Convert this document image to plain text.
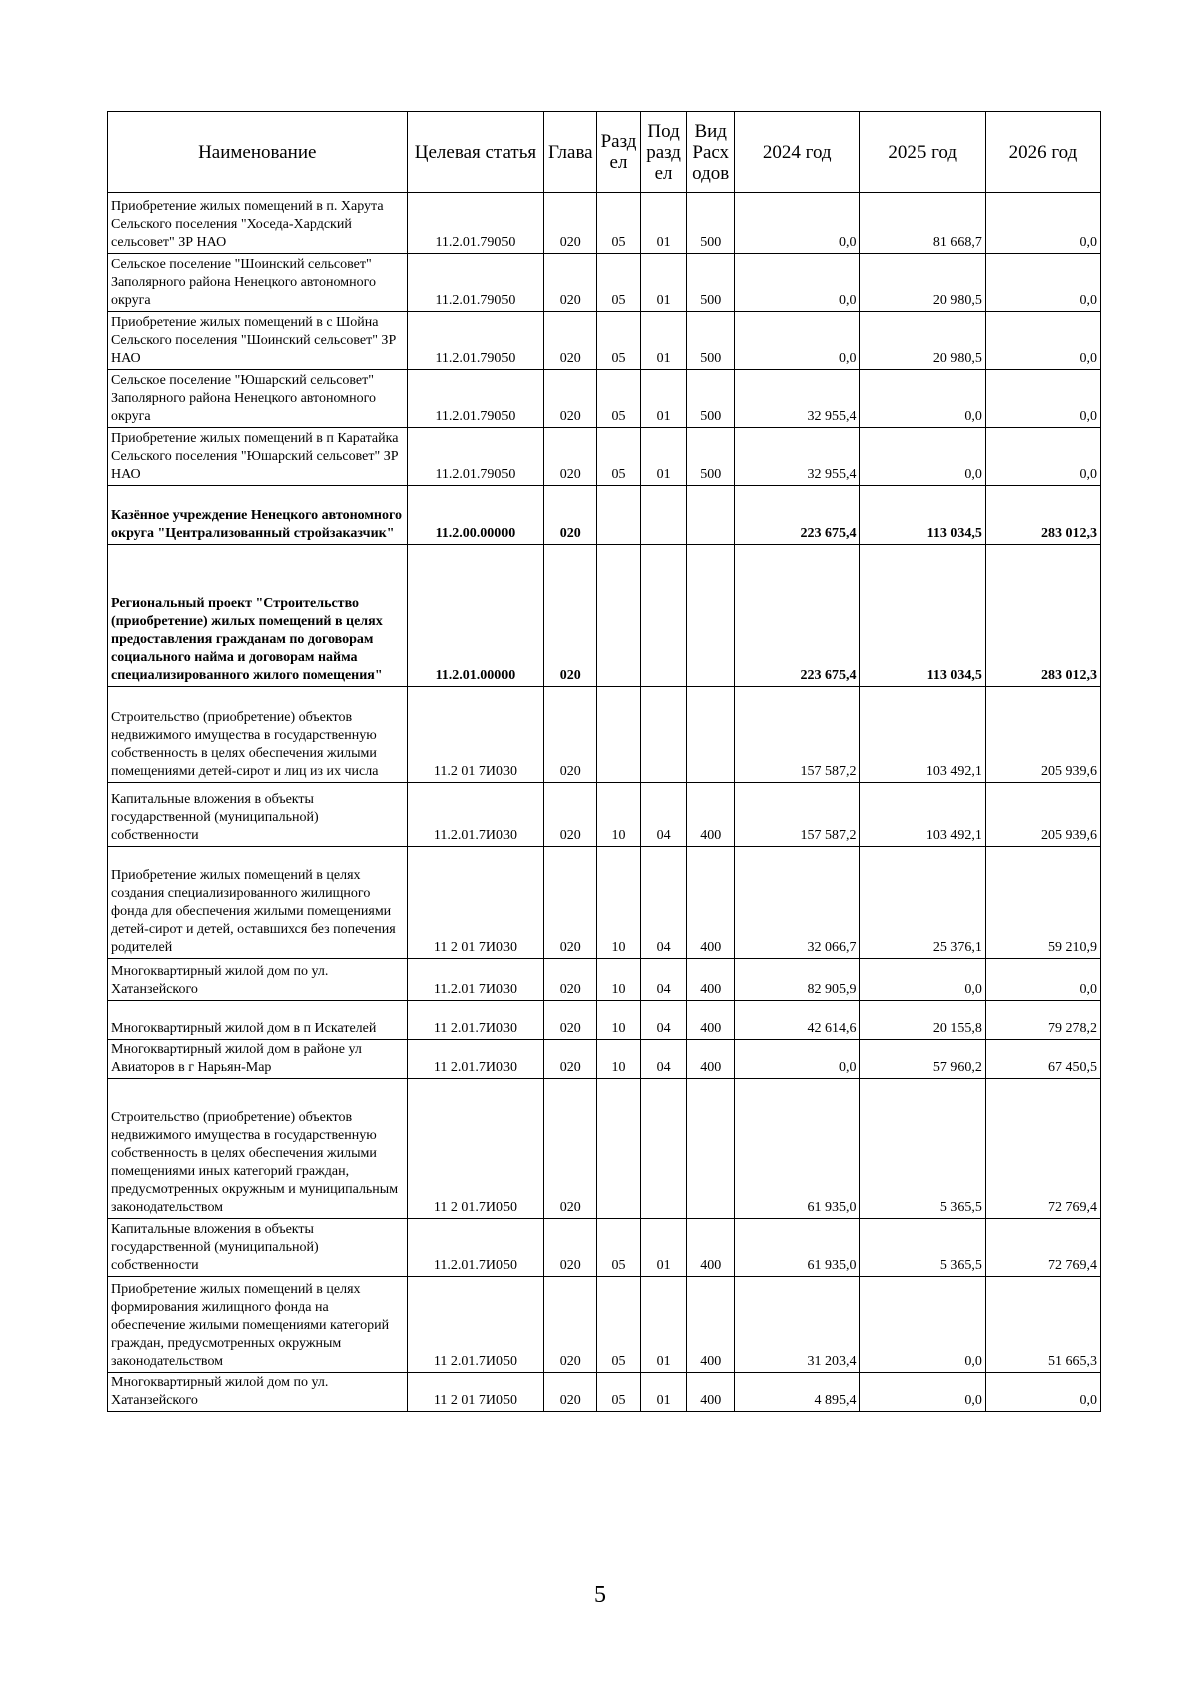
Наименование	Целевая статья	Глава	Раздел	Подраздел	Вид Расходов	2024 год	2025 год	2026 год
Приобретение жилых помещений в п. Харута Сельского поселения "Хоседа-Хардский сельсовет" ЗР НАО	11.2.01.79050	020	05	01	500	0,0	81 668,7	0,0
Сельское поселение "Шоинский сельсовет" Заполярного района Ненецкого автономного округа	11.2.01.79050	020	05	01	500	0,0	20 980,5	0,0
Приобретение жилых помещений в с Шойна Сельского поселения "Шоинский сельсовет" ЗР НАО	11.2.01.79050	020	05	01	500	0,0	20 980,5	0,0
Сельское поселение "Юшарский сельсовет" Заполярного района Ненецкого автономного округа	11.2.01.79050	020	05	01	500	32 955,4	0,0	0,0
Приобретение жилых помещений в п Каратайка Сельского поселения "Юшарский сельсовет" ЗР НАО	11.2.01.79050	020	05	01	500	32 955,4	0,0	0,0
Казённое учреждение Ненецкого автономного округа "Централизованный стройзаказчик"	11.2.00.00000	020				223 675,4	113 034,5	283 012,3
Региональный проект "Строительство (приобретение) жилых помещений в целях предоставления гражданам по договорам социального найма и договорам найма специализированного жилого помещения"	11.2.01.00000	020				223 675,4	113 034,5	283 012,3
Строительство (приобретение) объектов недвижимого имущества в государственную собственность в целях обеспечения жилыми помещениями детей-сирот и лиц из их числа	11.2 01 7И030	020				157 587,2	103 492,1	205 939,6
Капитальные вложения в объекты государственной (муниципальной) собственности	11.2.01.7И030	020	10	04	400	157 587,2	103 492,1	205 939,6
Приобретение жилых помещений в целях создания специализированного жилищного фонда для обеспечения жилыми помещениями детей-сирот и детей, оставшихся без попечения родителей	11 2 01 7И030	020	10	04	400	32 066,7	25 376,1	59 210,9
Многоквартирный жилой дом по ул. Хатанзейского	11.2.01 7И030	020	10	04	400	82 905,9	0,0	0,0
Многоквартирный жилой дом в п Искателей	11 2.01.7И030	020	10	04	400	42 614,6	20 155,8	79 278,2
Многоквартирный жилой дом в районе ул Авиаторов в г Нарьян-Мар	11 2.01.7И030	020	10	04	400	0,0	57 960,2	67 450,5
Строительство (приобретение) объектов недвижимого имущества в государственную собственность в целях обеспечения жилыми помещениями иных категорий граждан, предусмотренных окружным и муниципальным законодательством	11 2 01.7И050	020				61 935,0	5 365,5	72 769,4
Капитальные вложения в объекты государственной (муниципальной) собственности	11.2.01.7И050	020	05	01	400	61 935,0	5 365,5	72 769,4
Приобретение жилых помещений в целях формирования жилищного фонда на обеспечение жилыми помещениями категорий граждан, предусмотренных окружным законодательством	11 2.01.7И050	020	05	01	400	31 203,4	0,0	51 665,3
Многоквартирный жилой дом по ул. Хатанзейского	11 2 01 7И050	020	05	01	400	4 895,4	0,0	0,0
5
